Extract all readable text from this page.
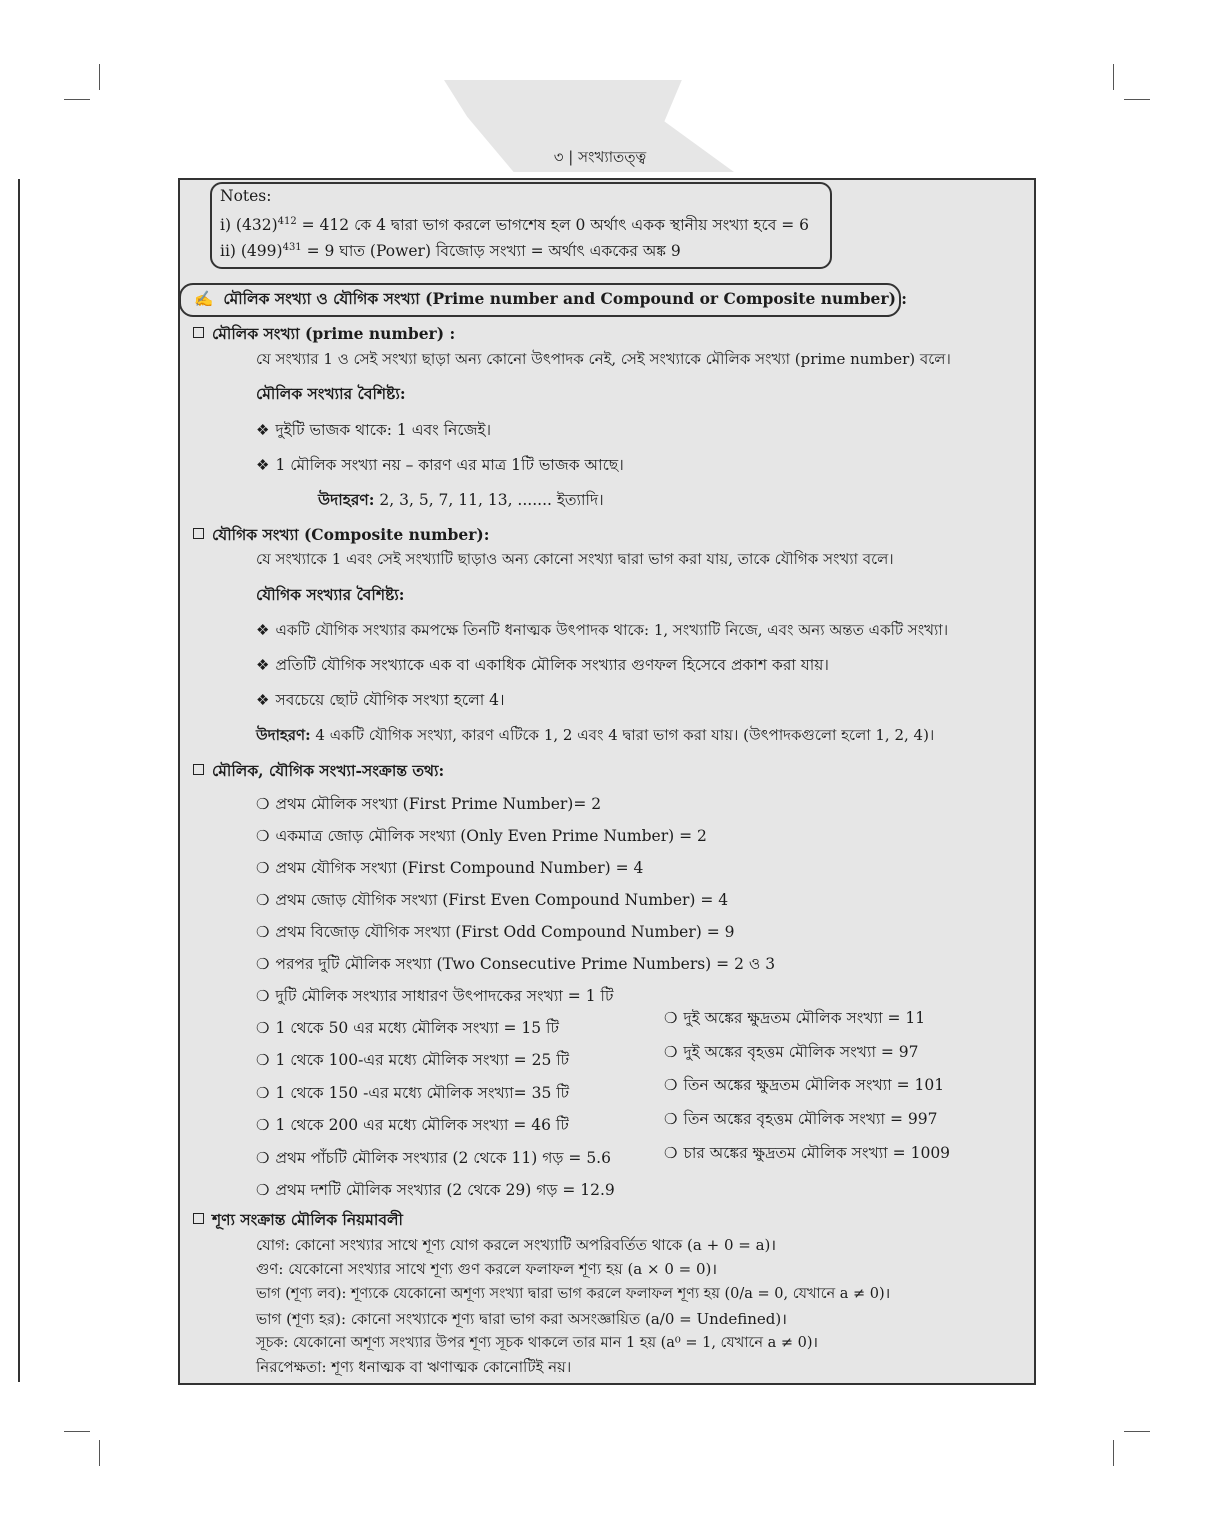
৩ | সংখ্যাতত্ত্ব
Notes:
i) $(432)^{412} = 412$ কে 4 দ্বারা ভাগ করলে ভাগশেষ হল 0 অর্থাৎ একক স্থানীয় সংখ্যা হবে = 6
ii) $(499)^{431} = 9$ ঘাত (Power) বিজোড় সংখ্যা = অর্থাৎ এককের অঙ্ক 9
✍ মৌলিক সংখ্যা ও যৌগিক সংখ্যা (Prime number and Compound or Composite number) :
মৌলিক সংখ্যা (prime number) :
যে সংখ্যার 1 ও সেই সংখ্যা ছাড়া অন্য কোনো উৎপাদক নেই, সেই সংখ্যাকে মৌলিক সংখ্যা (prime number) বলে।
মৌলিক সংখ্যার বৈশিষ্ট্য:
❖ দুইটি ভাজক থাকে: 1 এবং নিজেই।
❖ 1 মৌলিক সংখ্যা নয় – কারণ এর মাত্র 1টি ভাজক আছে।
উদাহরণ: 2, 3, 5, 7, 11, 13, ....... ইত্যাদি।
যৌগিক সংখ্যা (Composite number):
যে সংখ্যাকে 1 এবং সেই সংখ্যাটি ছাড়াও অন্য কোনো সংখ্যা দ্বারা ভাগ করা যায়, তাকে যৌগিক সংখ্যা বলে।
যৌগিক সংখ্যার বৈশিষ্ট্য:
❖ একটি যৌগিক সংখ্যার কমপক্ষে তিনটি ধনাত্মক উৎপাদক থাকে: 1, সংখ্যাটি নিজে, এবং অন্য অন্তত একটি সংখ্যা।
❖ প্রতিটি যৌগিক সংখ্যাকে এক বা একাধিক মৌলিক সংখ্যার গুণফল হিসেবে প্রকাশ করা যায়।
❖ সবচেয়ে ছোট যৌগিক সংখ্যা হলো 4।
উদাহরণ: 4 একটি যৌগিক সংখ্যা, কারণ এটিকে 1, 2 এবং 4 দ্বারা ভাগ করা যায়। (উৎপাদকগুলো হলো 1, 2, 4)।
মৌলিক, যৌগিক সংখ্যা-সংক্রান্ত তথ্য:
❍ প্রথম মৌলিক সংখ্যা (First Prime Number)= 2
❍ একমাত্র জোড় মৌলিক সংখ্যা (Only Even Prime Number) = 2
❍ প্রথম যৌগিক সংখ্যা (First Compound Number) = 4
❍ প্রথম জোড় যৌগিক সংখ্যা (First Even Compound Number) = 4
❍ প্রথম বিজোড় যৌগিক সংখ্যা (First Odd Compound Number) = 9
❍ পরপর দুটি মৌলিক সংখ্যা (Two Consecutive Prime Numbers) = 2 ও 3
❍ দুটি মৌলিক সংখ্যার সাধারণ উৎপাদকের সংখ্যা = 1 টি
❍ 1 থেকে 50 এর মধ্যে মৌলিক সংখ্যা = 15 টি
❍ 1 থেকে 100-এর মধ্যে মৌলিক সংখ্যা = 25 টি
❍ 1 থেকে 150 -এর মধ্যে মৌলিক সংখ্যা= 35 টি
❍ 1 থেকে 200 এর মধ্যে মৌলিক সংখ্যা = 46 টি
❍ প্রথম পাঁচটি মৌলিক সংখ্যার (2 থেকে 11) গড় = 5.6
❍ প্রথম দশটি মৌলিক সংখ্যার (2 থেকে 29) গড় = 12.9
❍ দুই অঙ্কের ক্ষুদ্রতম মৌলিক সংখ্যা = 11
❍ দুই অঙ্কের বৃহত্তম মৌলিক সংখ্যা = 97
❍ তিন অঙ্কের ক্ষুদ্রতম মৌলিক সংখ্যা = 101
❍ তিন অঙ্কের বৃহত্তম মৌলিক সংখ্যা = 997
❍ চার অঙ্কের ক্ষুদ্রতম মৌলিক সংখ্যা = 1009
শূণ্য সংক্রান্ত মৌলিক নিয়মাবলী
যোগ: কোনো সংখ্যার সাথে শূণ্য যোগ করলে সংখ্যাটি অপরিবর্তিত থাকে (a + 0 = a)।
গুণ: যেকোনো সংখ্যার সাথে শূণ্য গুণ করলে ফলাফল শূণ্য হয় (a × 0 = 0)।
ভাগ (শূণ্য লব): শূণ্যকে যেকোনো অশূণ্য সংখ্যা দ্বারা ভাগ করলে ফলাফল শূণ্য হয় (0/a = 0, যেখানে a ≠ 0)।
ভাগ (শূণ্য হর): কোনো সংখ্যাকে শূণ্য দ্বারা ভাগ করা অসংজ্ঞায়িত (a/0 = Undefined)।
সূচক: যেকোনো অশূণ্য সংখ্যার উপর শূণ্য সূচক থাকলে তার মান 1 হয় (a⁰ = 1, যেখানে a ≠ 0)।
নিরপেক্ষতা: শূণ্য ধনাত্মক বা ঋণাত্মক কোনোটিই নয়।
